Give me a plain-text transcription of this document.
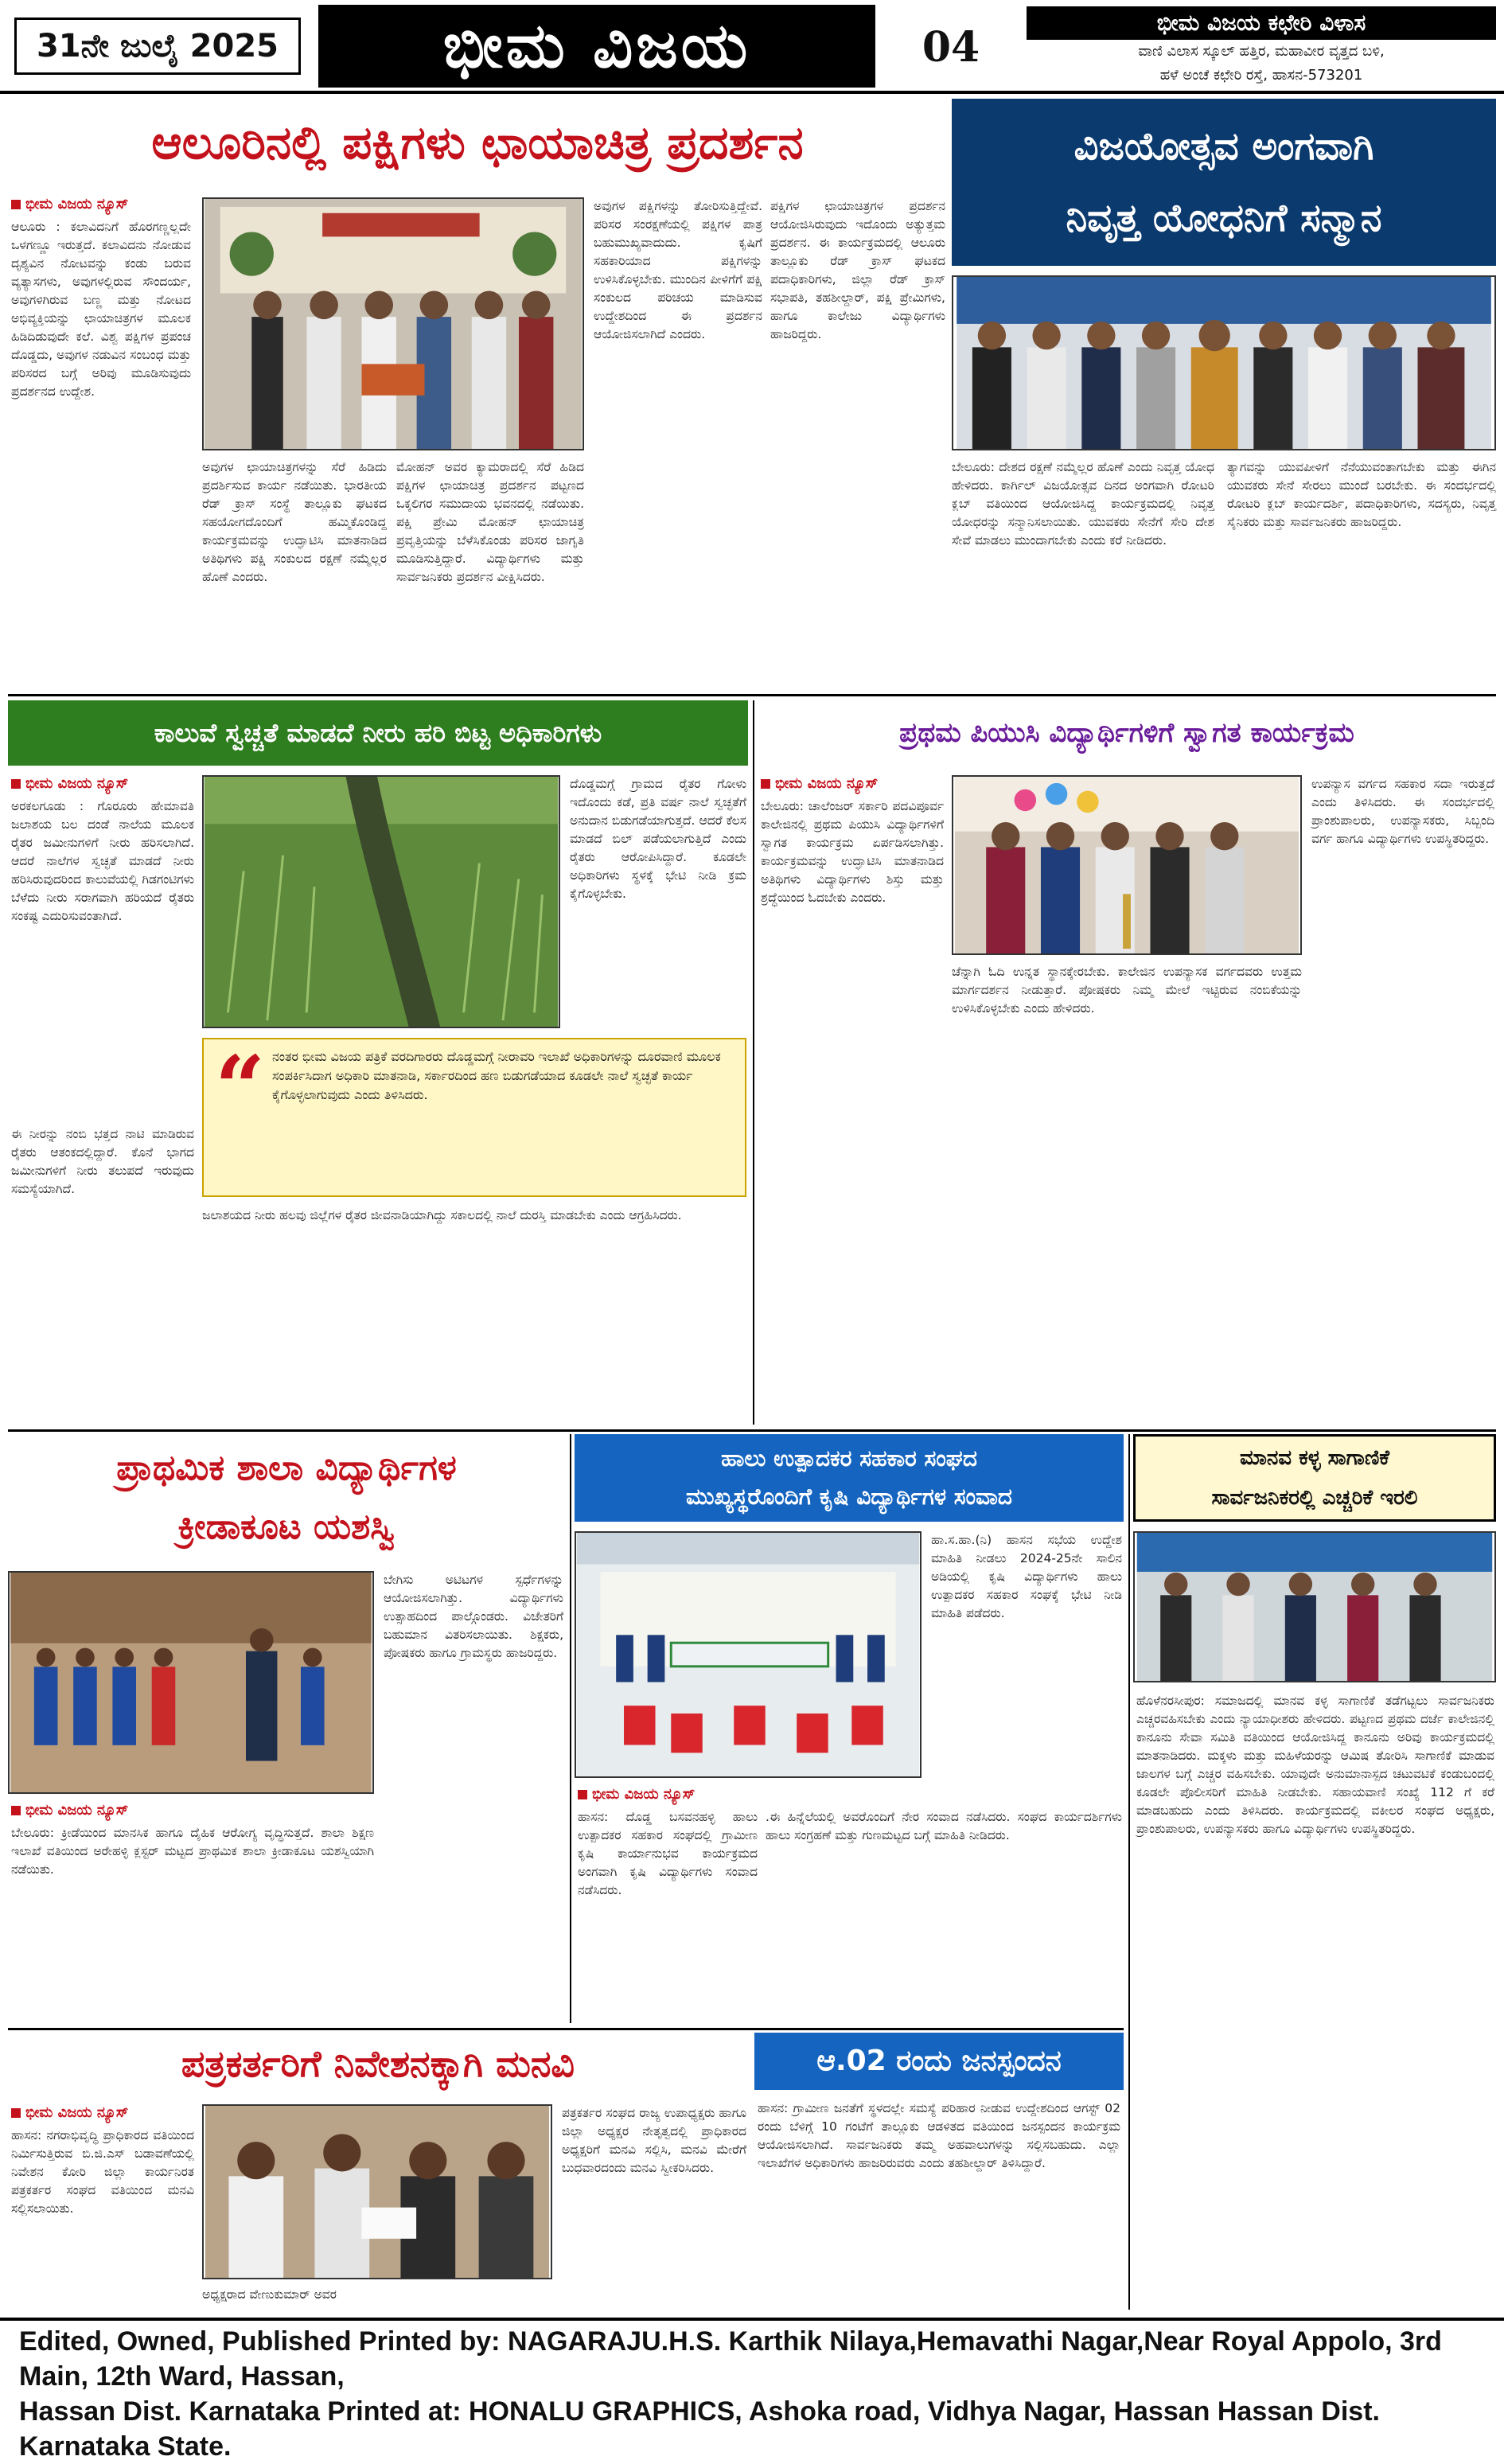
31ನೇ ಜುಲೈ 2025	ಭೀಮ ವಿಜಯ	04	ಭೀಮ ವಿಜಯ ಕಛೇರಿ ವಿಳಾಸ
ವಾಣಿ ವಿಲಾಸ ಸ್ಕೂಲ್ ಹತ್ತಿರ, ಮಹಾವೀರ ವೃತ್ತದ ಬಳಿ,
ಹಳೆ ಅಂಚೆ ಕಛೇರಿ ರಸ್ತೆ, ಹಾಸನ-573201
ಆಲೂರಿನಲ್ಲಿ ಪಕ್ಷಿಗಳು ಛಾಯಾಚಿತ್ರ ಪ್ರದರ್ಶನ
ಭೀಮ ವಿಜಯ ನ್ಯೂಸ್
ಆಲೂರು : ಕಲಾವಿದನಿಗೆ ಹೊರಗಣ್ಣಲ್ಲದೇ ಒಳಗಣ್ಣೂ ಇರುತ್ತದೆ. ಕಲಾವಿದನು ನೋಡುವ ದೃಶ್ಯವಿನ ನೋಟವನ್ನು ಕಂಡು ಬರುವ ವ್ಯತ್ಯಾಸಗಳು, ಅವುಗಳಲ್ಲಿರುವ ಸೌಂದರ್ಯ, ಅವುಗಳಿಗಿರುವ ಬಣ್ಣ ಮತ್ತು ನೋಟದ ಅಭಿವ್ಯಕ್ತಿಯನ್ನು ಛಾಯಾಚಿತ್ರಗಳ ಮೂಲಕ ಹಿಡಿದಿಡುವುದೇ ಕಲೆ. ವಿಶ್ವ ಪಕ್ಷಿಗಳ ಪ್ರಪಂಚ ದೊಡ್ಡದು, ಅವುಗಳ ನಡುವಿನ ಸಂಬಂಧ ಮತ್ತು ಪರಿಸರದ ಬಗ್ಗೆ ಅರಿವು ಮೂಡಿಸುವುದು ಪ್ರದರ್ಶನದ ಉದ್ದೇಶ.
ಅವುಗಳ ಛಾಯಾಚಿತ್ರಗಳನ್ನು ಸೆರೆ ಹಿಡಿದು ಪ್ರದರ್ಶಿಸುವ ಕಾರ್ಯ ನಡೆಯಿತು. ಭಾರತೀಯ ರೆಡ್ ಕ್ರಾಸ್ ಸಂಸ್ಥೆ ತಾಲ್ಲೂಕು ಘಟಕದ ಸಹಯೋಗದೊಂದಿಗೆ ಹಮ್ಮಿಕೊಂಡಿದ್ದ ಕಾರ್ಯಕ್ರಮವನ್ನು ಉದ್ಘಾಟಿಸಿ ಮಾತನಾಡಿದ ಅತಿಥಿಗಳು ಪಕ್ಷಿ ಸಂಕುಲದ ರಕ್ಷಣೆ ನಮ್ಮೆಲ್ಲರ ಹೊಣೆ ಎಂದರು.
ಮೋಹನ್ ಅವರ ಕ್ಯಾಮರಾದಲ್ಲಿ ಸೆರೆ ಹಿಡಿದ ಪಕ್ಷಿಗಳ ಛಾಯಾಚಿತ್ರ ಪ್ರದರ್ಶನ ಪಟ್ಟಣದ ಒಕ್ಕಲಿಗರ ಸಮುದಾಯ ಭವನದಲ್ಲಿ ನಡೆಯಿತು. ಪಕ್ಷಿ ಪ್ರೇಮಿ ಮೋಹನ್ ಛಾಯಾಚಿತ್ರ ಪ್ರವೃತ್ತಿಯನ್ನು ಬೆಳೆಸಿಕೊಂಡು ಪರಿಸರ ಜಾಗೃತಿ ಮೂಡಿಸುತ್ತಿದ್ದಾರೆ. ವಿದ್ಯಾರ್ಥಿಗಳು ಮತ್ತು ಸಾರ್ವಜನಿಕರು ಪ್ರದರ್ಶನ ವೀಕ್ಷಿಸಿದರು.
ಅವುಗಳ ಪಕ್ಷಿಗಳನ್ನು ತೋರಿಸುತ್ತಿದ್ದೇವೆ. ಪರಿಸರ ಸಂರಕ್ಷಣೆಯಲ್ಲಿ ಪಕ್ಷಿಗಳ ಪಾತ್ರ ಬಹುಮುಖ್ಯವಾದುದು. ಕೃಷಿಗೆ ಸಹಕಾರಿಯಾದ ಪಕ್ಷಿಗಳನ್ನು ಉಳಿಸಿಕೊಳ್ಳಬೇಕು. ಮುಂದಿನ ಪೀಳಿಗೆಗೆ ಪಕ್ಷಿ ಸಂಕುಲದ ಪರಿಚಯ ಮಾಡಿಸುವ ಉದ್ದೇಶದಿಂದ ಈ ಪ್ರದರ್ಶನ ಆಯೋಜಿಸಲಾಗಿದೆ ಎಂದರು.
ಪಕ್ಷಿಗಳ ಛಾಯಾಚಿತ್ರಗಳ ಪ್ರದರ್ಶನ ಆಯೋಜಿಸಿರುವುದು ಇದೊಂದು ಅತ್ಯುತ್ತಮ ಪ್ರದರ್ಶನ. ಈ ಕಾರ್ಯಕ್ರಮದಲ್ಲಿ ಆಲೂರು ತಾಲ್ಲೂಕು ರೆಡ್ ಕ್ರಾಸ್ ಘಟಕದ ಪದಾಧಿಕಾರಿಗಳು, ಜಿಲ್ಲಾ ರೆಡ್ ಕ್ರಾಸ್ ಸಭಾಪತಿ, ತಹಶೀಲ್ದಾರ್, ಪಕ್ಷಿ ಪ್ರೇಮಿಗಳು, ಹಾಗೂ ಕಾಲೇಜು ವಿದ್ಯಾರ್ಥಿಗಳು ಹಾಜರಿದ್ದರು.
ವಿಜಯೋತ್ಸವ ಅಂಗವಾಗಿ
ನಿವೃತ್ತ ಯೋಧನಿಗೆ ಸನ್ಮಾನ
ಬೇಲೂರು: ದೇಶದ ರಕ್ಷಣೆ ನಮ್ಮೆಲ್ಲರ ಹೊಣೆ ಎಂದು ನಿವೃತ್ತ ಯೋಧ ಹೇಳಿದರು. ಕಾರ್ಗಿಲ್ ವಿಜಯೋತ್ಸವ ದಿನದ ಅಂಗವಾಗಿ ರೋಟರಿ ಕ್ಲಬ್ ವತಿಯಿಂದ ಆಯೋಜಿಸಿದ್ದ ಕಾರ್ಯಕ್ರಮದಲ್ಲಿ ನಿವೃತ್ತ ಯೋಧರನ್ನು ಸನ್ಮಾನಿಸಲಾಯಿತು. ಯುವಕರು ಸೇನೆಗೆ ಸೇರಿ ದೇಶ ಸೇವೆ ಮಾಡಲು ಮುಂದಾಗಬೇಕು ಎಂದು ಕರೆ ನೀಡಿದರು.
ತ್ಯಾಗವನ್ನು ಯುವಪೀಳಿಗೆ ನೆನೆಯುವಂತಾಗಬೇಕು ಮತ್ತು ಈಗಿನ ಯುವಕರು ಸೇನೆ ಸೇರಲು ಮುಂದೆ ಬರಬೇಕು. ಈ ಸಂದರ್ಭದಲ್ಲಿ ರೋಟರಿ ಕ್ಲಬ್ ಕಾರ್ಯದರ್ಶಿ, ಪದಾಧಿಕಾರಿಗಳು, ಸದಸ್ಯರು, ನಿವೃತ್ತ ಸೈನಿಕರು ಮತ್ತು ಸಾರ್ವಜನಿಕರು ಹಾಜರಿದ್ದರು.
ಕಾಲುವೆ ಸ್ವಚ್ಚತೆ ಮಾಡದೆ ನೀರು ಹರಿ ಬಿಟ್ಟ ಅಧಿಕಾರಿಗಳು
ಭೀಮ ವಿಜಯ ನ್ಯೂಸ್
ಅರಕಲಗೂಡು : ಗೊರೂರು ಹೇಮಾವತಿ ಜಲಾಶಯ ಬಲ ದಂಡೆ ನಾಲೆಯ ಮೂಲಕ ರೈತರ ಜಮೀನುಗಳಿಗೆ ನೀರು ಹರಿಸಲಾಗಿದೆ. ಆದರೆ ನಾಲೆಗಳ ಸ್ವಚ್ಛತೆ ಮಾಡದೆ ನೀರು ಹರಿಸಿರುವುದರಿಂದ ಕಾಲುವೆಯಲ್ಲಿ ಗಿಡಗಂಟಿಗಳು ಬೆಳೆದು ನೀರು ಸರಾಗವಾಗಿ ಹರಿಯದೆ ರೈತರು ಸಂಕಷ್ಟ ಎದುರಿಸುವಂತಾಗಿದೆ.
ದೊಡ್ಡಮಗ್ಗೆ ಗ್ರಾಮದ ರೈತರ ಗೋಳು ಇದೊಂದು ಕಡೆ, ಪ್ರತಿ ವರ್ಷ ನಾಲೆ ಸ್ವಚ್ಛತೆಗೆ ಅನುದಾನ ಬಿಡುಗಡೆಯಾಗುತ್ತದೆ. ಆದರೆ ಕೆಲಸ ಮಾಡದೆ ಬಿಲ್ ಪಡೆಯಲಾಗುತ್ತಿದೆ ಎಂದು ರೈತರು ಆರೋಪಿಸಿದ್ದಾರೆ. ಕೂಡಲೇ ಅಧಿಕಾರಿಗಳು ಸ್ಥಳಕ್ಕೆ ಭೇಟಿ ನೀಡಿ ಕ್ರಮ ಕೈಗೊಳ್ಳಬೇಕು.
“ ನಂತರ ಭೀಮ ವಿಜಯ ಪತ್ರಿಕೆ ವರದಿಗಾರರು ದೊಡ್ಡಮಗ್ಗೆ ನೀರಾವರಿ ಇಲಾಖೆ ಅಧಿಕಾರಿಗಳನ್ನು ದೂರವಾಣಿ ಮೂಲಕ ಸಂಪರ್ಕಿಸಿದಾಗ ಅಧಿಕಾರಿ ಮಾತನಾಡಿ, ಸರ್ಕಾರದಿಂದ ಹಣ ಬಿಡುಗಡೆಯಾದ ಕೂಡಲೇ ನಾಲೆ ಸ್ವಚ್ಛತೆ ಕಾರ್ಯ ಕೈಗೊಳ್ಳಲಾಗುವುದು ಎಂದು ತಿಳಿಸಿದರು.
ಈ ನೀರನ್ನು ನಂಬಿ ಭತ್ತದ ನಾಟಿ ಮಾಡಿರುವ ರೈತರು ಆತಂಕದಲ್ಲಿದ್ದಾರೆ. ಕೊನೆ ಭಾಗದ ಜಮೀನುಗಳಿಗೆ ನೀರು ತಲುಪದೆ ಇರುವುದು ಸಮಸ್ಯೆಯಾಗಿದೆ.
ಜಲಾಶಯದ ನೀರು ಹಲವು ಜಿಲ್ಲೆಗಳ ರೈತರ ಜೀವನಾಡಿಯಾಗಿದ್ದು ಸಕಾಲದಲ್ಲಿ ನಾಲೆ ದುರಸ್ತಿ ಮಾಡಬೇಕು ಎಂದು ಆಗ್ರಹಿಸಿದರು.
ಪ್ರಥಮ ಪಿಯುಸಿ ವಿದ್ಯಾರ್ಥಿಗಳಿಗೆ ಸ್ವಾಗತ ಕಾರ್ಯಕ್ರಮ
ಭೀಮ ವಿಜಯ ನ್ಯೂಸ್
ಬೇಲೂರು: ಚಾಲೆಂಜರ್ ಸರ್ಕಾರಿ ಪದವಿಪೂರ್ವ ಕಾಲೇಜಿನಲ್ಲಿ ಪ್ರಥಮ ಪಿಯುಸಿ ವಿದ್ಯಾರ್ಥಿಗಳಿಗೆ ಸ್ವಾಗತ ಕಾರ್ಯಕ್ರಮ ಏರ್ಪಡಿಸಲಾಗಿತ್ತು. ಕಾರ್ಯಕ್ರಮವನ್ನು ಉದ್ಘಾಟಿಸಿ ಮಾತನಾಡಿದ ಅತಿಥಿಗಳು ವಿದ್ಯಾರ್ಥಿಗಳು ಶಿಸ್ತು ಮತ್ತು ಶ್ರದ್ಧೆಯಿಂದ ಓದಬೇಕು ಎಂದರು.
ಚೆನ್ನಾಗಿ ಓದಿ ಉನ್ನತ ಸ್ಥಾನಕ್ಕೇರಬೇಕು. ಕಾಲೇಜಿನ ಉಪನ್ಯಾಸಕ ವರ್ಗದವರು ಉತ್ತಮ ಮಾರ್ಗದರ್ಶನ ನೀಡುತ್ತಾರೆ. ಪೋಷಕರು ನಿಮ್ಮ ಮೇಲೆ ಇಟ್ಟಿರುವ ನಂಬಿಕೆಯನ್ನು ಉಳಿಸಿಕೊಳ್ಳಬೇಕು ಎಂದು ಹೇಳಿದರು.
ಉಪನ್ಯಾಸ ವರ್ಗದ ಸಹಕಾರ ಸದಾ ಇರುತ್ತದೆ ಎಂದು ತಿಳಿಸಿದರು. ಈ ಸಂದರ್ಭದಲ್ಲಿ ಪ್ರಾಂಶುಪಾಲರು, ಉಪನ್ಯಾಸಕರು, ಸಿಬ್ಬಂದಿ ವರ್ಗ ಹಾಗೂ ವಿದ್ಯಾರ್ಥಿಗಳು ಉಪಸ್ಥಿತರಿದ್ದರು.
ಪ್ರಾಥಮಿಕ ಶಾಲಾ ವಿದ್ಯಾರ್ಥಿಗಳ
ಕ್ರೀಡಾಕೂಟ ಯಶಸ್ವಿ
ಬೇಗಿಸು ಅಟಿಟಗಳ ಸ್ಪರ್ಧೆಗಳನ್ನು ಆಯೋಜಿಸಲಾಗಿತ್ತು. ವಿದ್ಯಾರ್ಥಿಗಳು ಉತ್ಸಾಹದಿಂದ ಪಾಲ್ಗೊಂಡರು. ವಿಜೇತರಿಗೆ ಬಹುಮಾನ ವಿತರಿಸಲಾಯಿತು. ಶಿಕ್ಷಕರು, ಪೋಷಕರು ಹಾಗೂ ಗ್ರಾಮಸ್ಥರು ಹಾಜರಿದ್ದರು.
ಭೀಮ ವಿಜಯ ನ್ಯೂಸ್
ಬೇಲೂರು: ಕ್ರೀಡೆಯಿಂದ ಮಾನಸಿಕ ಹಾಗೂ ದೈಹಿಕ ಆರೋಗ್ಯ ವೃದ್ಧಿಸುತ್ತದೆ. ಶಾಲಾ ಶಿಕ್ಷಣ ಇಲಾಖೆ ವತಿಯಿಂದ ಅರೇಹಳ್ಳಿ ಕ್ಲಸ್ಟರ್ ಮಟ್ಟದ ಪ್ರಾಥಮಿಕ ಶಾಲಾ ಕ್ರೀಡಾಕೂಟ ಯಶಸ್ವಿಯಾಗಿ ನಡೆಯಿತು.
ಹಾಲು ಉತ್ಪಾದಕರ ಸಹಕಾರ ಸಂಘದ
ಮುಖ್ಯಸ್ಥರೊಂದಿಗೆ ಕೃಷಿ ವಿದ್ಯಾರ್ಥಿಗಳ ಸಂವಾದ
ಹಾ.ಸ.ಹಾ.(ನಿ) ಹಾಸನ ಸಭೆಯ ಉದ್ದೇಶ ಮಾಹಿತಿ ನೀಡಲು 2024-25ನೇ ಸಾಲಿನ ಅಡಿಯಲ್ಲಿ ಕೃಷಿ ವಿದ್ಯಾರ್ಥಿಗಳು ಹಾಲು ಉತ್ಪಾದಕರ ಸಹಕಾರ ಸಂಘಕ್ಕೆ ಭೇಟಿ ನೀಡಿ ಮಾಹಿತಿ ಪಡೆದರು.
ಭೀಮ ವಿಜಯ ನ್ಯೂಸ್
ಹಾಸನ: ದೊಡ್ಡ ಬಸವನಹಳ್ಳಿ ಹಾಲು ಉತ್ಪಾದಕರ ಸಹಕಾರ ಸಂಘದಲ್ಲಿ ಗ್ರಾಮೀಣ ಕೃಷಿ ಕಾರ್ಯಾನುಭವ ಕಾರ್ಯಕ್ರಮದ ಅಂಗವಾಗಿ ಕೃಷಿ ವಿದ್ಯಾರ್ಥಿಗಳು ಸಂವಾದ ನಡೆಸಿದರು.
.ಈ ಹಿನ್ನೆಲೆಯಲ್ಲಿ ಅವರೊಂದಿಗೆ ನೇರ ಸಂವಾದ ನಡೆಸಿದರು. ಸಂಘದ ಕಾರ್ಯದರ್ಶಿಗಳು ಹಾಲು ಸಂಗ್ರಹಣೆ ಮತ್ತು ಗುಣಮಟ್ಟದ ಬಗ್ಗೆ ಮಾಹಿತಿ ನೀಡಿದರು.
ಮಾನವ ಕಳ್ಳ ಸಾಗಾಣಿಕೆ
ಸಾರ್ವಜನಿಕರಲ್ಲಿ ಎಚ್ಚರಿಕೆ ಇರಲಿ
ಹೊಳೆನರಸೀಪುರ: ಸಮಾಜದಲ್ಲಿ ಮಾನವ ಕಳ್ಳ ಸಾಗಾಣಿಕೆ ತಡೆಗಟ್ಟಲು ಸಾರ್ವಜನಿಕರು ಎಚ್ಚರವಹಿಸಬೇಕು ಎಂದು ನ್ಯಾಯಾಧೀಶರು ಹೇಳಿದರು. ಪಟ್ಟಣದ ಪ್ರಥಮ ದರ್ಜೆ ಕಾಲೇಜಿನಲ್ಲಿ ಕಾನೂನು ಸೇವಾ ಸಮಿತಿ ವತಿಯಿಂದ ಆಯೋಜಿಸಿದ್ದ ಕಾನೂನು ಅರಿವು ಕಾರ್ಯಕ್ರಮದಲ್ಲಿ ಮಾತನಾಡಿದರು. ಮಕ್ಕಳು ಮತ್ತು ಮಹಿಳೆಯರನ್ನು ಆಮಿಷ ತೋರಿಸಿ ಸಾಗಾಣಿಕೆ ಮಾಡುವ ಜಾಲಗಳ ಬಗ್ಗೆ ಎಚ್ಚರ ವಹಿಸಬೇಕು. ಯಾವುದೇ ಅನುಮಾನಾಸ್ಪದ ಚಟುವಟಿಕೆ ಕಂಡುಬಂದಲ್ಲಿ ಕೂಡಲೇ ಪೊಲೀಸರಿಗೆ ಮಾಹಿತಿ ನೀಡಬೇಕು. ಸಹಾಯವಾಣಿ ಸಂಖ್ಯೆ 112 ಗೆ ಕರೆ ಮಾಡಬಹುದು ಎಂದು ತಿಳಿಸಿದರು. ಕಾರ್ಯಕ್ರಮದಲ್ಲಿ ವಕೀಲರ ಸಂಘದ ಅಧ್ಯಕ್ಷರು, ಪ್ರಾಂಶುಪಾಲರು, ಉಪನ್ಯಾಸಕರು ಹಾಗೂ ವಿದ್ಯಾರ್ಥಿಗಳು ಉಪಸ್ಥಿತರಿದ್ದರು.
ಪತ್ರಕರ್ತರಿಗೆ ನಿವೇಶನಕ್ಕಾಗಿ ಮನವಿ
ಭೀಮ ವಿಜಯ ನ್ಯೂಸ್
ಹಾಸನ: ನಗರಾಭಿವೃದ್ಧಿ ಪ್ರಾಧಿಕಾರದ ವತಿಯಿಂದ ನಿರ್ಮಿಸುತ್ತಿರುವ ಬಿ.ಜಿ.ಎಸ್ ಬಡಾವಣೆಯಲ್ಲಿ ನಿವೇಶನ ಕೋರಿ ಜಿಲ್ಲಾ ಕಾರ್ಯನಿರತ ಪತ್ರಕರ್ತರ ಸಂಘದ ವತಿಯಿಂದ ಮನವಿ ಸಲ್ಲಿಸಲಾಯಿತು.
ಅಧ್ಯಕ್ಷರಾದ ವೇಣುಕುಮಾರ್ ಅವರ
ಪತ್ರಕರ್ತರ ಸಂಘದ ರಾಜ್ಯ ಉಪಾಧ್ಯಕ್ಷರು ಹಾಗೂ ಜಿಲ್ಲಾ ಅಧ್ಯಕ್ಷರ ನೇತೃತ್ವದಲ್ಲಿ ಪ್ರಾಧಿಕಾರದ ಅಧ್ಯಕ್ಷರಿಗೆ ಮನವಿ ಸಲ್ಲಿಸಿ, ಮನವಿ ಮೇರೆಗೆ ಬುಧವಾರದಂದು ಮನವಿ ಸ್ವೀಕರಿಸಿದರು.
ಆ.02 ರಂದು ಜನಸ್ಪಂದನ
ಹಾಸನ: ಗ್ರಾಮೀಣ ಜನತೆಗೆ ಸ್ಥಳದಲ್ಲೇ ಸಮಸ್ಯೆ ಪರಿಹಾರ ನೀಡುವ ಉದ್ದೇಶದಿಂದ ಆಗಸ್ಟ್ 02 ರಂದು ಬೆಳಿಗ್ಗೆ 10 ಗಂಟೆಗೆ ತಾಲ್ಲೂಕು ಆಡಳಿತದ ವತಿಯಿಂದ ಜನಸ್ಪಂದನ ಕಾರ್ಯಕ್ರಮ ಆಯೋಜಿಸಲಾಗಿದೆ. ಸಾರ್ವಜನಿಕರು ತಮ್ಮ ಅಹವಾಲುಗಳನ್ನು ಸಲ್ಲಿಸಬಹುದು. ಎಲ್ಲಾ ಇಲಾಖೆಗಳ ಅಧಿಕಾರಿಗಳು ಹಾಜರಿರುವರು ಎಂದು ತಹಶೀಲ್ದಾರ್ ತಿಳಿಸಿದ್ದಾರೆ.
Edited, Owned, Published Printed by: NAGARAJU.H.S. Karthik Nilaya,Hemavathi Nagar,Near Royal Appolo, 3rd Main, 12th Ward, Hassan,
Hassan Dist. Karnataka Printed at: HONALU GRAPHICS, Ashoka road, Vidhya Nagar, Hassan Hassan Dist. Karnataka State.
